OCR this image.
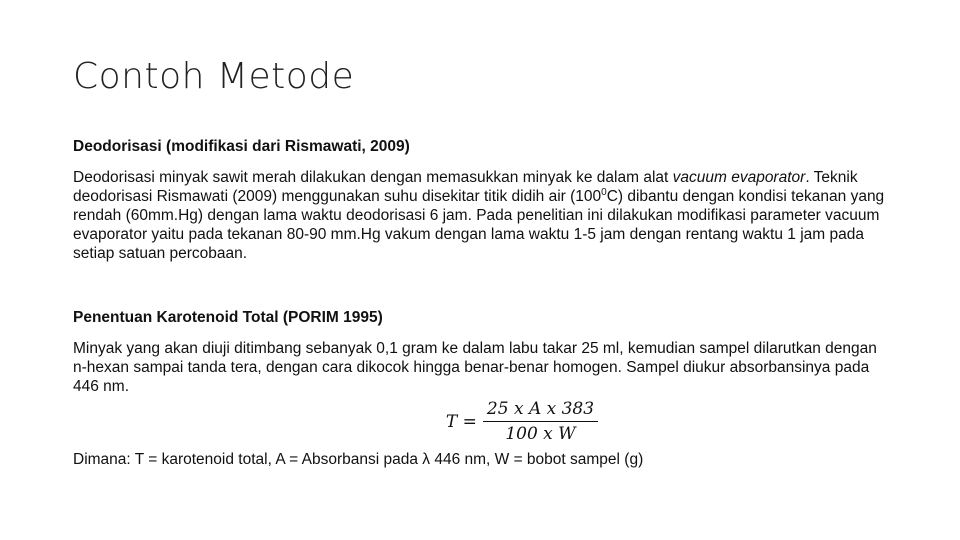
Contoh Metode

Deodorisasi (modifikasi dari Rismawati, 2009)

Deodorisasi minyak sawit merah dilakukan dengan memasukkan minyak ke dalam alat vacuum evaporator. Teknik deodorisasi Rismawati (2009) menggunakan suhu disekitar titik didih air $(100^0C)$ dibantu dengan kondisi tekanan yang rendah (60mm.Hg) dengan lama waktu deodorisasi 6 jam. Pada penelitian ini dilakukan modifikasi parameter vacuum evaporator yaitu pada tekanan 80-90 mm.Hg vakum dengan lama waktu 1-5 jam dengan rentang waktu 1 jam pada setiap satuan percobaan.

Penentuan Karotenoid Total (PORIM 1995)

Minyak yang akan diuji ditimbang sebanyak 0,1 gram ke dalam labu takar 25 ml, kemudian sampel dilarutkan dengan n-hexan sampai tanda tera, dengan cara dikocok hingga benar-benar homogen. Sampel diukur absorbansinya pada 446 nm.

$T = \frac{\text{25 x A x 383}}{\text{100 x W}}$

Dimana: T = karotenoid total, A = Absorbansi pada λ 446 nm, W = bobot sampel (g)
